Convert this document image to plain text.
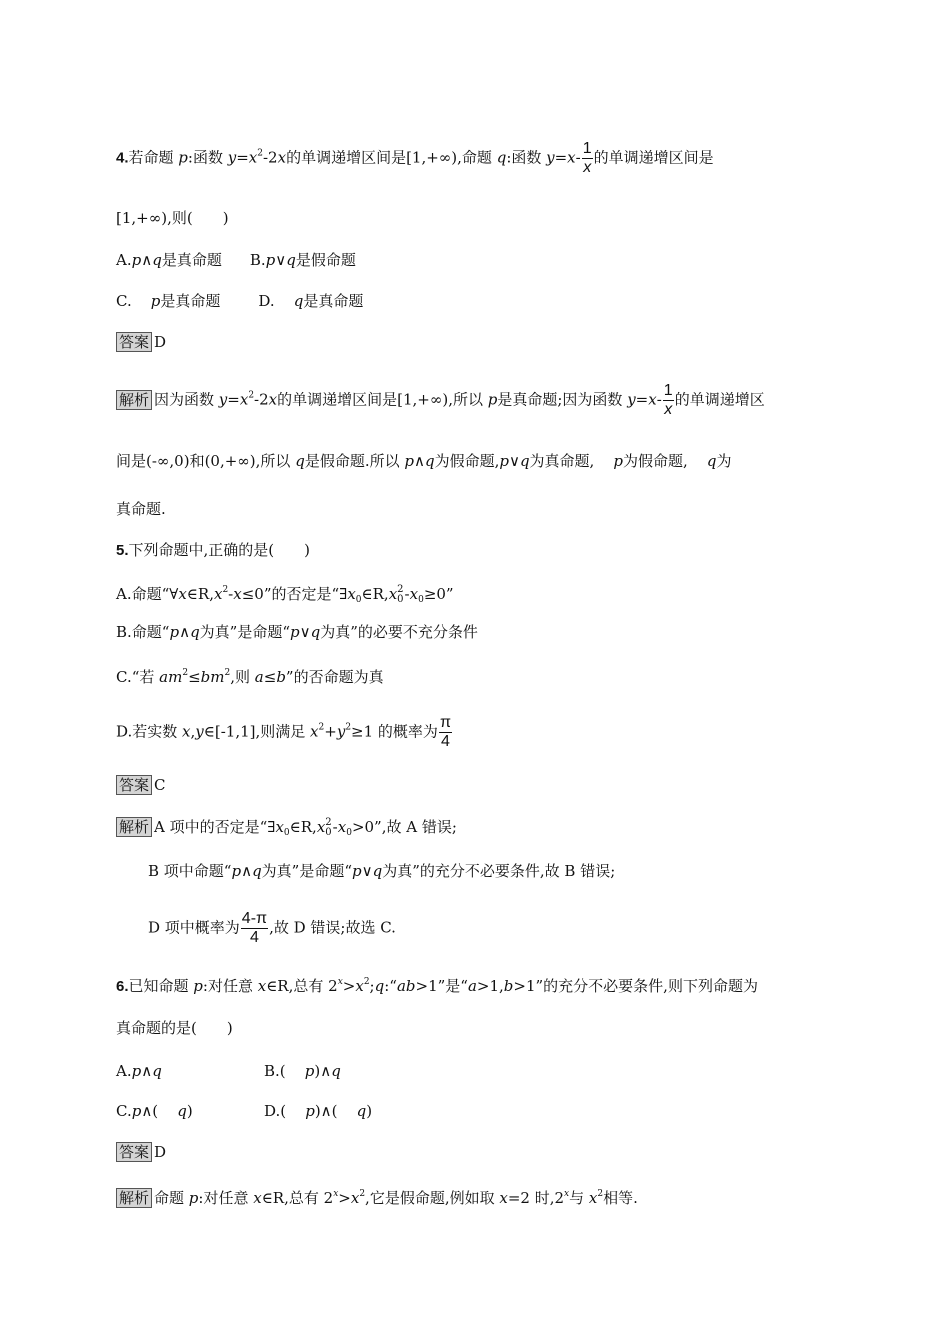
4.若命题 p:函数 $y=x^2-2x$的单调递增区间是[1,+∞),命题 q:函数 $y=x- \frac{1}{x}$ 的单调递增区间是
[1,+∞),则(　　)
A.p∧q是真命题 B.p∨q是假命题
C. p是真命题	D. q是真命题
答案 D
解析 因为函数 $y=x^2-2x$的单调递增区间是[1,+∞),所以 p是真命题;因为函数 $y=x- \frac{1}{x}$ 的单调递增区
间是(-∞,0)和(0,+∞),所以 q是假命题.所以 p∧q为假命题,p∨q为真命题, p为假命题, q为
真命题.
5.下列命题中,正确的是(　　)
A.命题“$\forall x\in R,x^2-x\le 0$”的否定是“$\exists x_0\in R,x$ 2
0 $-x_0\ge 0$”
B.命题“p∧q为真”是命题“p∨q为真”的必要不充分条件
C.“若 $am^2\le bm^2$,则 a≤b”的否命题为真
D.若实数 x,y∈[-1,1],则满足 $x^2+y^2\ge 1$ 的概率为 $\frac{\pi}{4}$
答案 C
解析 A 项中的否定是“$\exists x_0\in R,x$ 2
0 $-x_0>0$”,故 A 错误;
B 项中命题“p∧q为真”是命题“p∨q为真”的充分不必要条件,故 B 错误;
D 项中概率为 $\frac{4-\pi}{4}$ ,故 D 错误;故选 C.
6.已知命题 p:对任意 x∈R,总有 $2^x>x^2;q:“ab>1$”是“a>1,b>1”的充分不必要条件,则下列命题为
真命题的是(　　)
A.p∧q	B.( p)∧q
C.p∧( q)	D.( p)∧( q)
答案 D
解析 命题 p:对任意 x∈R,总有 $2^x>x^2$,它是假命题,例如取 x=2 时,2$^x$与 $x^2$相等.
